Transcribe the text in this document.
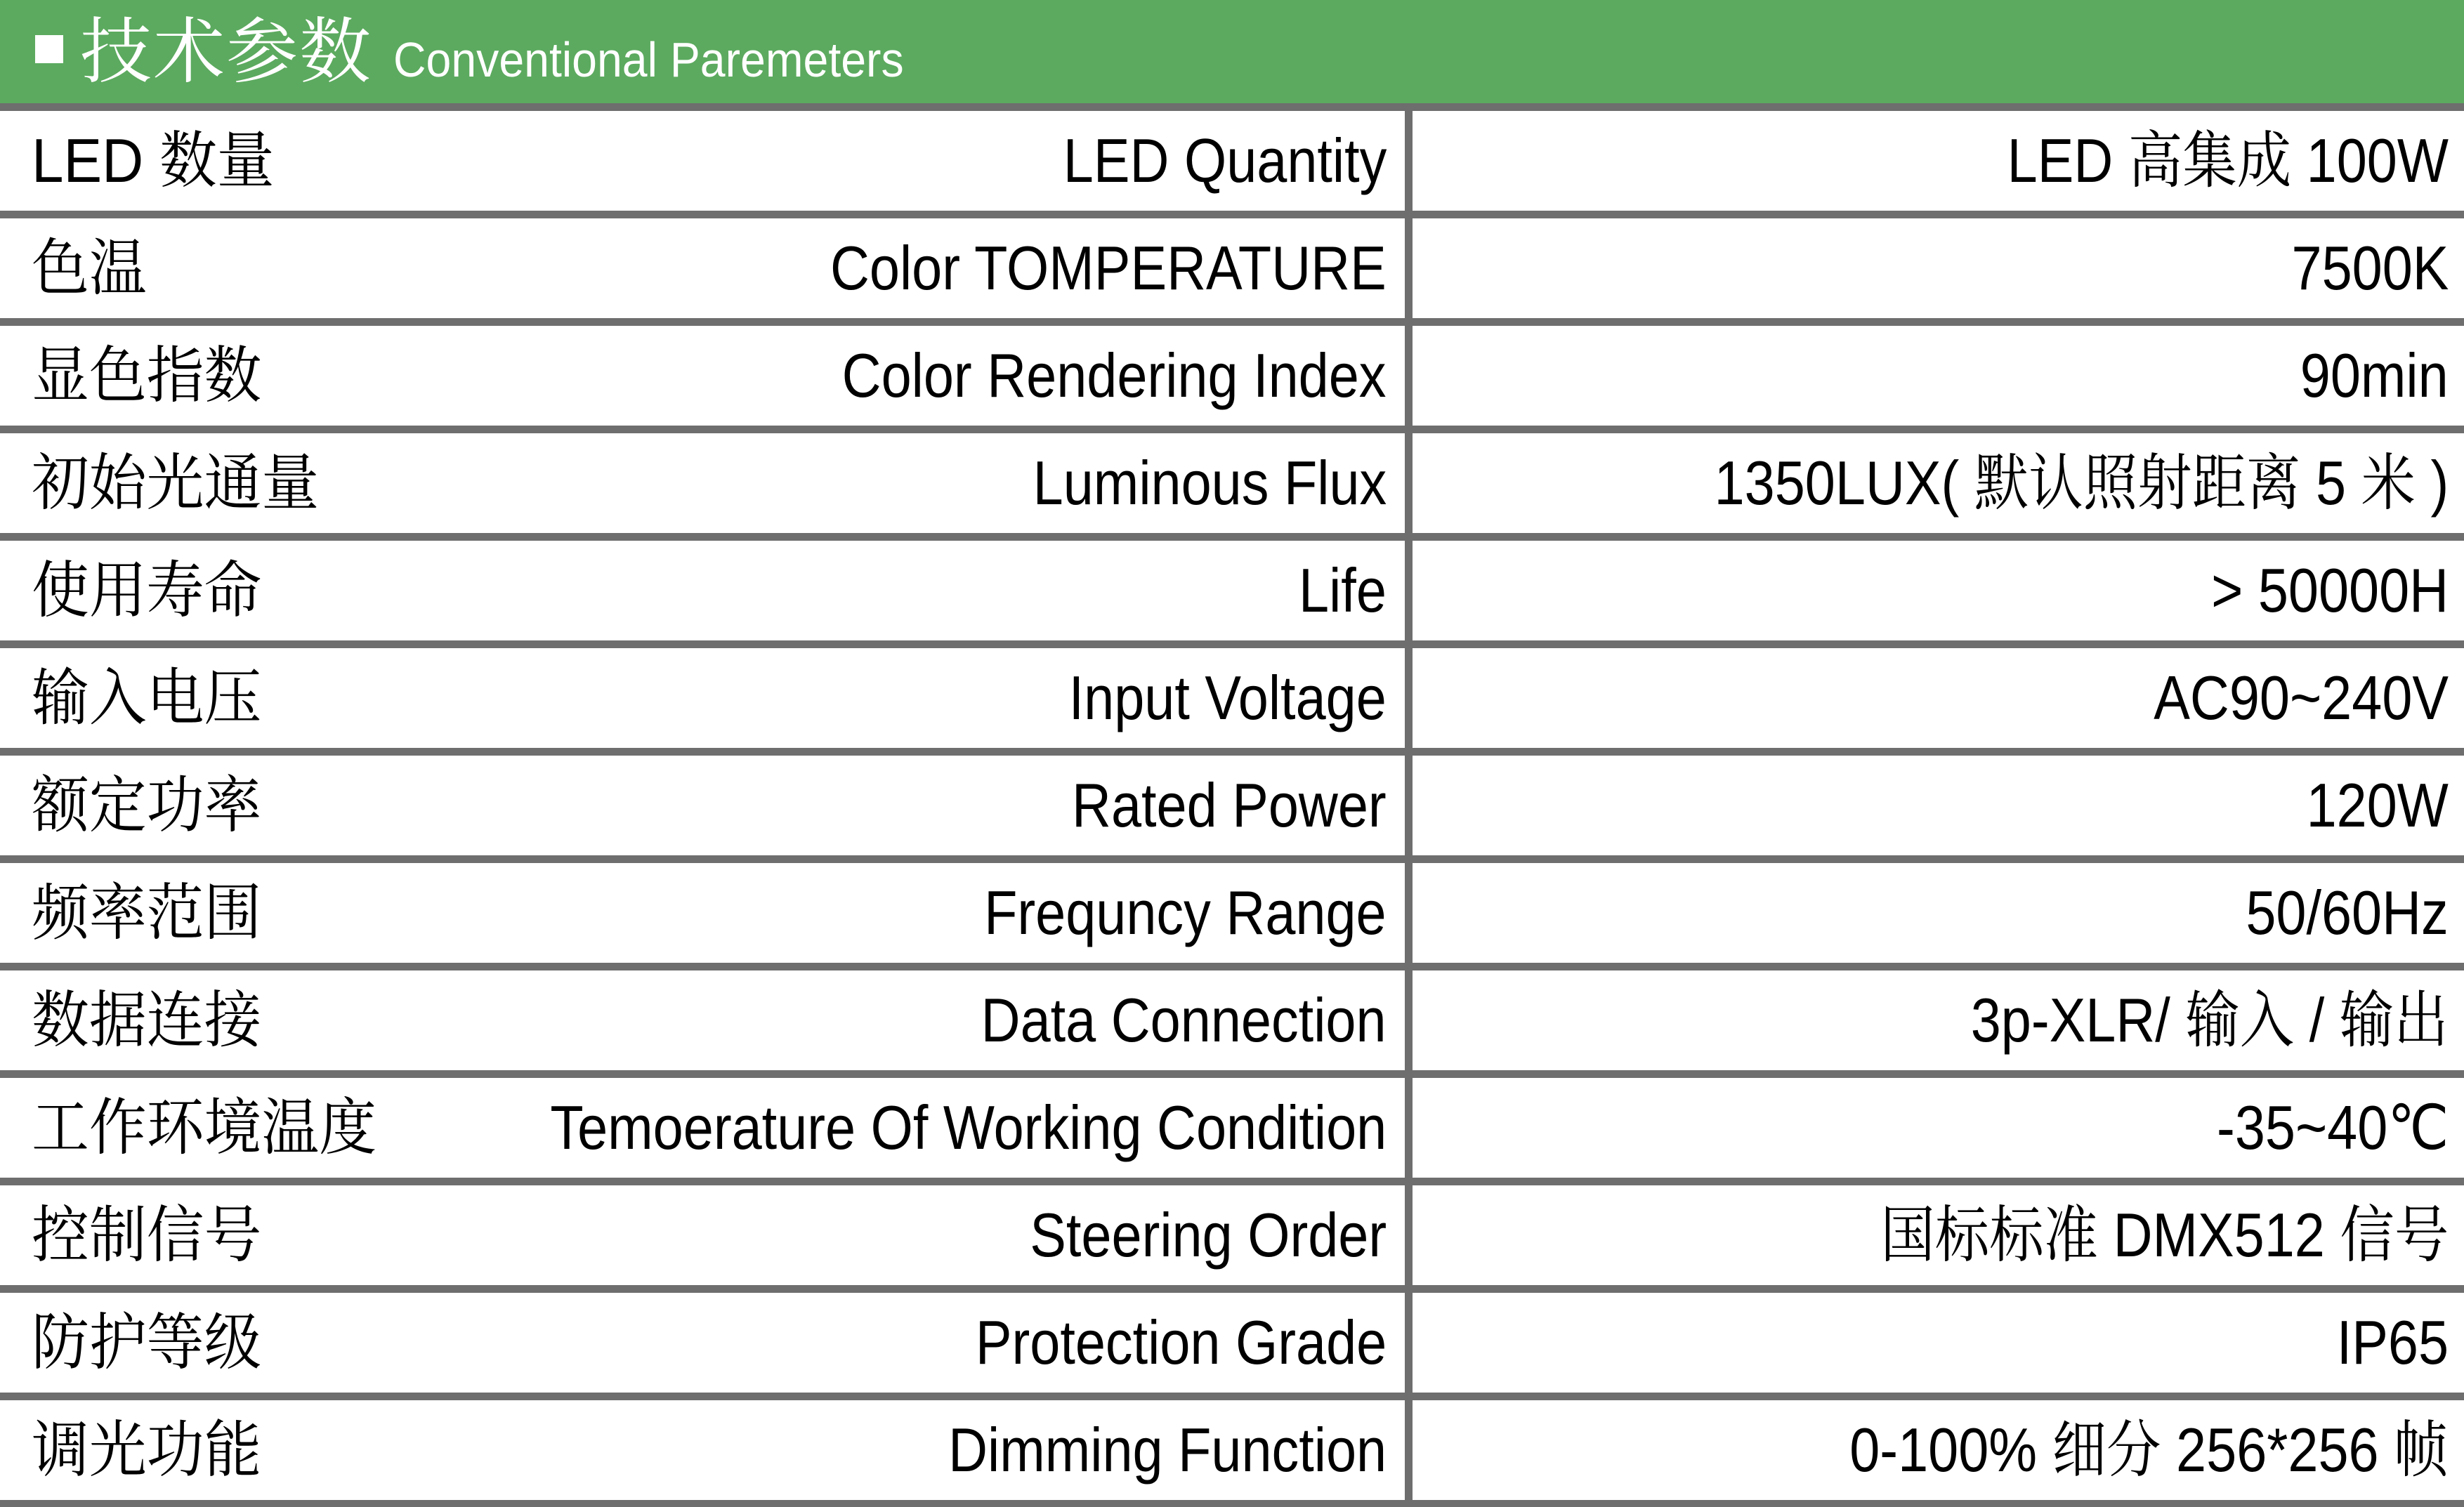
技术参数 Conventional Paremeters
LED 数量	LED Quantity	LED 高集成 100W
色温	Color TOMPERATURE	7500K
显色指数	Color Rendering Index	90min
初始光通量	Luminous Flux	1350LUX( 默认照射距离 5 米 )
使用寿命	Life	> 50000H
输入电压	Input Voltage	AC90~240V
额定功率	Rated Power	120W
频率范围	Frequncy Range	50/60Hz
数据连接	Data Connection	3p-XLR/ 输入 / 输出
工作环境温度	Temoerature Of Working Condition	-35~40℃
控制信号	Steering Order	国标标准 DMX512 信号
防护等级	Protection Grade	IP65
调光功能	Dimming Function	0-100% 细分 256*256 帧
